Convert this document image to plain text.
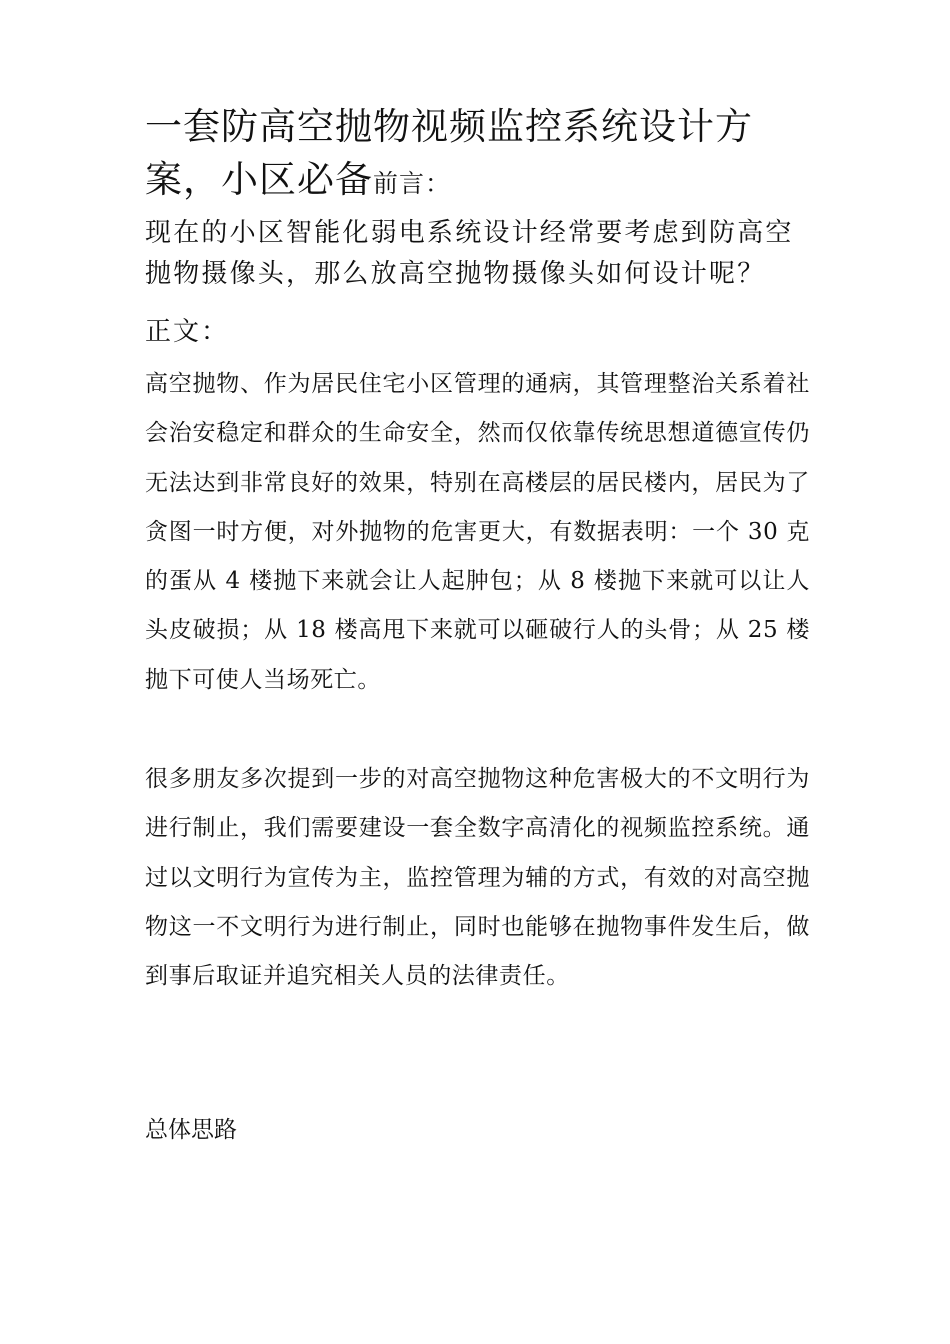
一套防高空抛物视频监控系统设计方案，小区必备前言：

现在的小区智能化弱电系统设计经常要考虑到防高空抛物摄像头，那么放高空抛物摄像头如何设计呢？

正文：

高空抛物、作为居民住宅小区管理的通病，其管理整治关系着社会治安稳定和群众的生命安全，然而仅依靠传统思想道德宣传仍无法达到非常良好的效果，特别在高楼层的居民楼内，居民为了贪图一时方便，对外抛物的危害更大，有数据表明：一个 30 克的蛋从 4 楼抛下来就会让人起肿包；从 8 楼抛下来就可以让人头皮破损；从 18 楼高甩下来就可以砸破行人的头骨；从 25 楼抛下可使人当场死亡。

很多朋友多次提到一步的对高空抛物这种危害极大的不文明行为进行制止，我们需要建设一套全数字高清化的视频监控系统。通过以文明行为宣传为主，监控管理为辅的方式，有效的对高空抛物这一不文明行为进行制止，同时也能够在抛物事件发生后，做到事后取证并追究相关人员的法律责任。

总体思路
